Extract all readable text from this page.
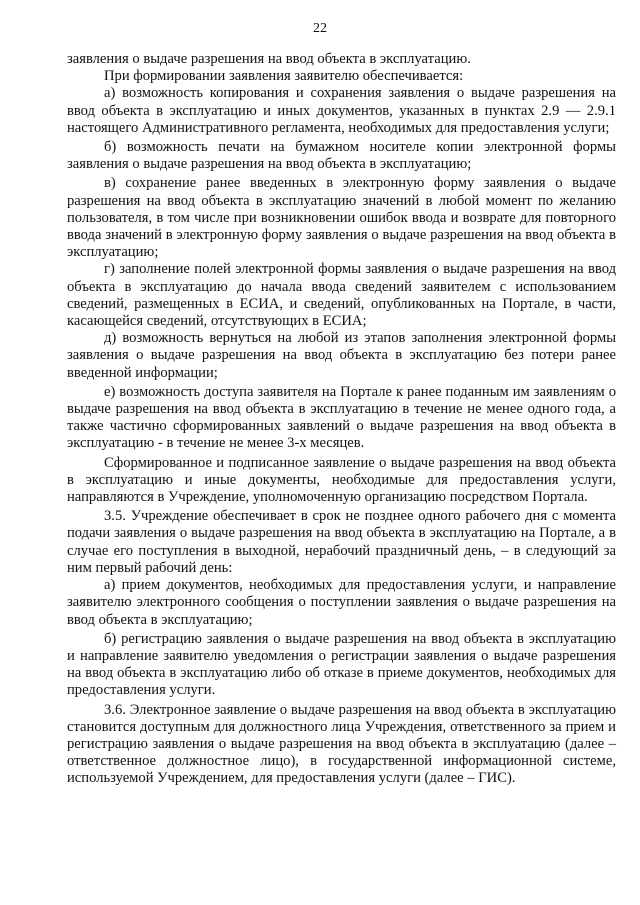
22

заявления о выдаче разрешения на ввод объекта в эксплуатацию.

При формировании заявления заявителю обеспечивается:

а) возможность копирования и сохранения заявления о выдаче разрешения на ввод объекта в эксплуатацию и иных документов, указанных в пунктах 2.9 — 2.9.1 настоящего Административного регламента, необходимых для предоставления услуги;

б) возможность печати на бумажном носителе копии электронной формы заявления о выдаче разрешения на ввод объекта в эксплуатацию;

в) сохранение ранее введенных в электронную форму заявления о выдаче разрешения на ввод объекта в эксплуатацию значений в любой момент по желанию пользователя, в том числе при возникновении ошибок ввода и возврате для повторного ввода значений в электронную форму заявления о выдаче разрешения на ввод объекта в эксплуатацию;

г) заполнение полей электронной формы заявления о выдаче разрешения на ввод объекта в эксплуатацию до начала ввода сведений заявителем с использованием сведений, размещенных в ЕСИА, и сведений, опубликованных на Портале, в части, касающейся сведений, отсутствующих в ЕСИА;

д) возможность вернуться на любой из этапов заполнения электронной формы заявления о выдаче разрешения на ввод объекта в эксплуатацию без потери ранее введенной информации;

е) возможность доступа заявителя на Портале к ранее поданным им заявлениям о выдаче разрешения на ввод объекта в эксплуатацию в течение не менее одного года, а также частично сформированных заявлений о выдаче разрешения на ввод объекта в эксплуатацию - в течение не менее 3-х месяцев.

Сформированное и подписанное заявление о выдаче разрешения на ввод объекта в эксплуатацию и иные документы, необходимые для предоставления услуги, направляются в Учреждение, уполномоченную организацию посредством Портала.

3.5. Учреждение обеспечивает в срок не позднее одного рабочего дня с момента подачи заявления о выдаче разрешения на ввод объекта в эксплуатацию на Портале, а в случае его поступления в выходной, нерабочий праздничный день, – в следующий за ним первый рабочий день:

а) прием документов, необходимых для предоставления услуги, и направление заявителю электронного сообщения о поступлении заявления о выдаче разрешения на ввод объекта в эксплуатацию;

б) регистрацию заявления о выдаче разрешения на ввод объекта в эксплуатацию и направление заявителю уведомления о регистрации заявления о выдаче разрешения на ввод объекта в эксплуатацию либо об отказе в приеме документов, необходимых для предоставления услуги.

3.6. Электронное заявление о выдаче разрешения на ввод объекта в эксплуатацию становится доступным для должностного лица Учреждения, ответственного за прием и регистрацию заявления о выдаче разрешения на ввод объекта в эксплуатацию (далее – ответственное должностное лицо), в государственной информационной системе, используемой Учреждением, для предоставления услуги (далее – ГИС).
